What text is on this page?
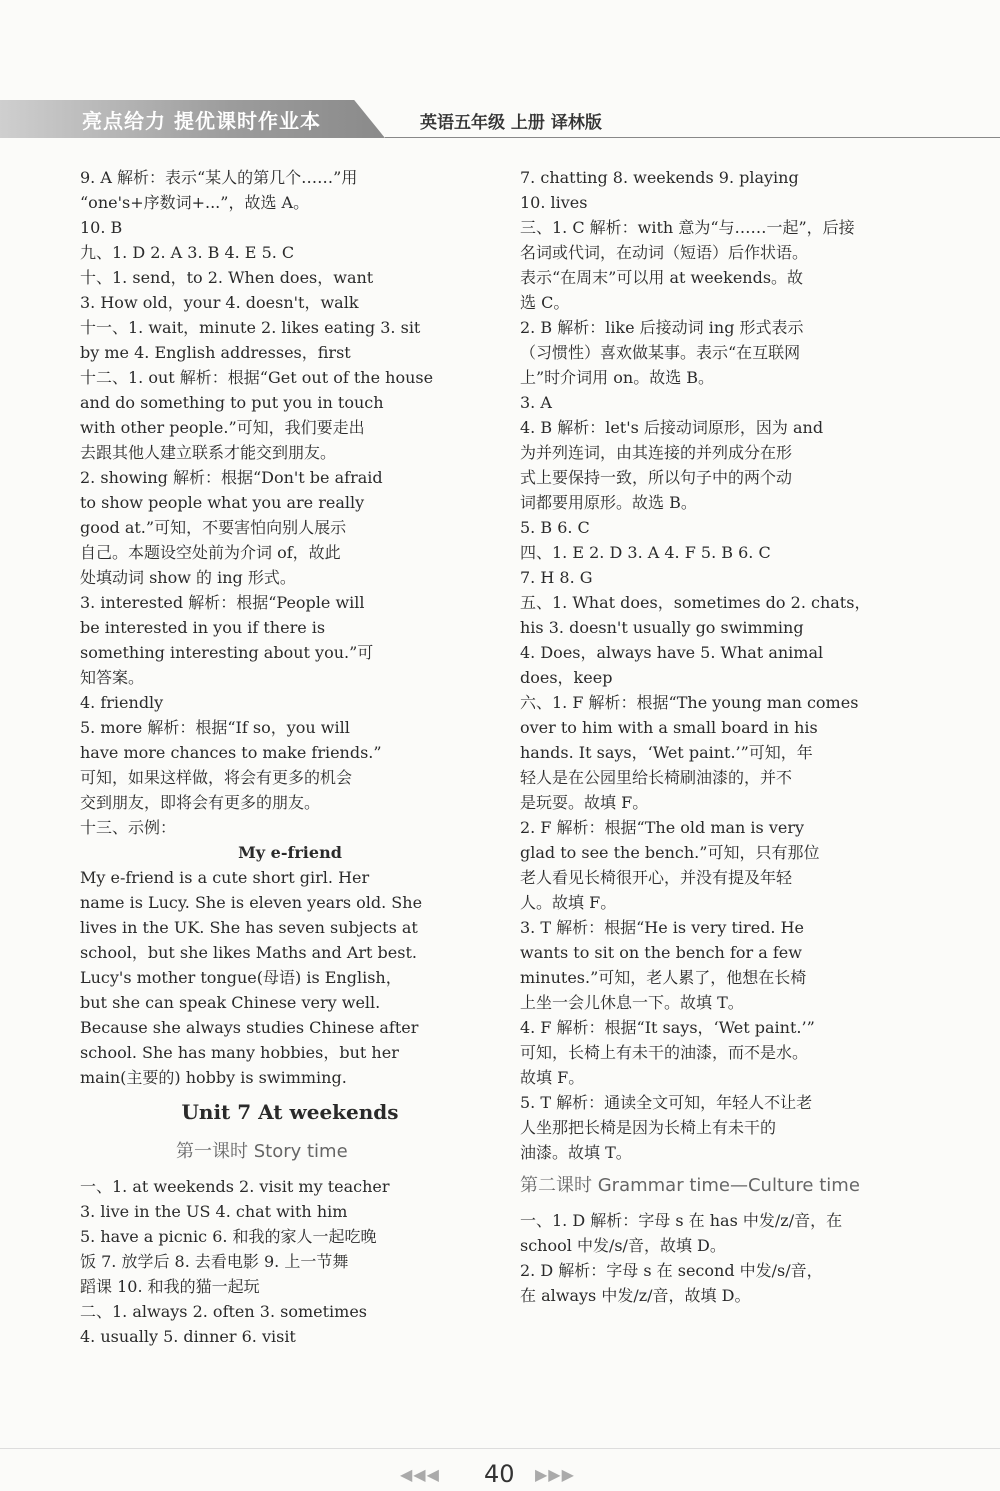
亮点给力 提优课时作业本	英语五年级 上册 译林版
9. A 解析：表示“某人的第几个……”用
“one's+序数词+...”，故选 A。
10. B
九、1. D 2. A 3. B 4. E 5. C
十、1. send，to 2. When does，want
3. How old，your 4. doesn't，walk
十一、1. wait，minute 2. likes eating 3. sit
by me 4. English addresses，first
十二、1. out 解析：根据“Get out of the house
and do something to put you in touch
with other people.”可知，我们要走出
去跟其他人建立联系才能交到朋友。
2. showing 解析：根据“Don't be afraid
to show people what you are really
good at.”可知，不要害怕向别人展示
自己。本题设空处前为介词 of，故此
处填动词 show 的 ing 形式。
3. interested 解析：根据“People will
be interested in you if there is
something interesting about you.”可
知答案。
4. friendly
5. more 解析：根据“If so，you will
have more chances to make friends.”
可知，如果这样做，将会有更多的机会
交到朋友，即将会有更多的朋友。
十三、示例：
My e-friend
My e-friend is a cute short girl. Her
name is Lucy. She is eleven years old. She
lives in the UK. She has seven subjects at
school，but she likes Maths and Art best.
Lucy's mother tongue(母语) is English，
but she can speak Chinese very well.
Because she always studies Chinese after
school. She has many hobbies，but her
main(主要的) hobby is swimming.
Unit 7 At weekends
第一课时 Story time
一、1. at weekends 2. visit my teacher
3. live in the US 4. chat with him
5. have a picnic 6. 和我的家人一起吃晚
饭 7. 放学后 8. 去看电影 9. 上一节舞
蹈课 10. 和我的猫一起玩
二、1. always 2. often 3. sometimes
4. usually 5. dinner 6. visit
7. chatting 8. weekends 9. playing
10. lives
三、1. C 解析：with 意为“与……一起”，后接
名词或代词，在动词（短语）后作状语。
表示“在周末”可以用 at weekends。故
选 C。
2. B 解析：like 后接动词 ing 形式表示
（习惯性）喜欢做某事。表示“在互联网
上”时介词用 on。故选 B。
3. A
4. B 解析：let's 后接动词原形，因为 and
为并列连词，由其连接的并列成分在形
式上要保持一致，所以句子中的两个动
词都要用原形。故选 B。
5. B 6. C
四、1. E 2. D 3. A 4. F 5. B 6. C
7. H 8. G
五、1. What does，sometimes do 2. chats，
his 3. doesn't usually go swimming
4. Does，always have 5. What animal
does，keep
六、1. F 解析：根据“The young man comes
over to him with a small board in his
hands. It says，‘Wet paint.’”可知，年
轻人是在公园里给长椅刷油漆的，并不
是玩耍。故填 F。
2. F 解析：根据“The old man is very
glad to see the bench.”可知，只有那位
老人看见长椅很开心，并没有提及年轻
人。故填 F。
3. T 解析：根据“He is very tired. He
wants to sit on the bench for a few
minutes.”可知，老人累了，他想在长椅
上坐一会儿休息一下。故填 T。
4. F 解析：根据“It says，‘Wet paint.’”
可知，长椅上有未干的油漆，而不是水。
故填 F。
5. T 解析：通读全文可知，年轻人不让老
人坐那把长椅是因为长椅上有未干的
油漆。故填 T。
第二课时 Grammar time—Culture time
一、1. D 解析：字母 s 在 has 中发/z/音，在
school 中发/s/音，故填 D。
2. D 解析：字母 s 在 second 中发/s/音，
在 always 中发/z/音，故填 D。
◀◀◀ 40 ▶▶▶
